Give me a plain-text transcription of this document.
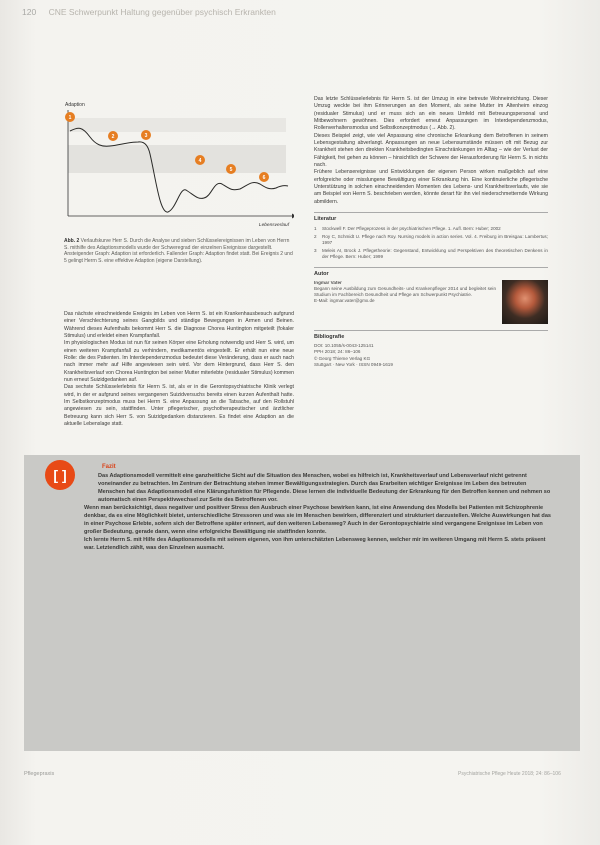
120 CNE Schwerpunkt Haltung gegenüber psychisch Erkrankten
Adaption
Lebensverlauf
1
2	3
4
5
6
Abb. 2 Verlaufskurve Herr S. Durch die Analyse und sieben Schlüsselereignissen im Leben von Herrn S. mithilfe des Adaptionsmodells wurde der Schweregrad der einzelnen Ereignisse dargestellt. Ansteigender Graph: Adaption ist erforderlich. Fallender Graph: Adaption findet statt. Bei Ereignis 2 und 5 gelingt Herrn S. eine effektive Adaption (eigene Darstellung).

Das nächste einschneidende Ereignis im Leben von Herrn S. ist ein Krankenhausbesuch aufgrund einer Verschlechterung seines Gangbilds und ständige Bewegungen in Armen und Beinen. Während dieses Aufenthalts bekommt Herr S. die Diagnose Chorea Huntington mitgeteilt (fokaler Stimulus) und erleidet einen Krampfanfall.

Im physiologischen Modus ist nun für seinen Körper eine Erholung notwendig und Herr S. wird, um einen weiteren Krampfanfall zu verhindern, medikamentös eingestellt. Er erhält nun eine neue Rolle: die des Patienten. Im Interdependenzmodus bedeutet diese Veränderung, dass er auch nach nach immer mehr auf Hilfe angewiesen sein wird. Vor dem Hintergrund, dass Herr S. den Krankheitsverlauf von Chorea Huntington bei seiner Mutter miterlebte (residualer Stimulus) kommen nun erneut Suizidgedanken auf.

Das sechste Schlüsselerlebnis für Herrn S. ist, als er in die Gerontopsychiatrische Klinik verlegt wird, in der er aufgrund seines vergangenen Suizidversuchs bereits einen kurzen Aufenthalt hatte. Im Selbstkonzeptmodus muss bei Herrn S. eine Anpassung an die Tatsache, auf den Rollstuhl angewiesen zu sein, stattfinden. Unter pflegerischer, psychotherapeutischer und ärztlicher Betreuung kann sich Herr S. von Suizidgedanken distanzieren. Es findet eine Adaption an die aktuelle Lebenslage statt.

Das letzte Schlüsselerlebnis für Herrn S. ist der Umzug in eine betreute Wohneinrichtung. Dieser Umzug weckte bei ihm Erinnerungen an den Moment, als seine Mutter im Altenheim einzog (residualer Stimulus) und er muss sich an ein neues Umfeld mit Betreuungspersonal und Mitbewohnern gewöhnen. Dies erfordert erneut Anpassungen im Interdependenzmodus, Rollenverhaltensmodus und Selbstkonzeptmodus (→ Abb. 2).

Dieses Beispiel zeigt, wie viel Anpassung eine chronische Erkrankung dem Betroffenen in seinem Lebensgestaltung abverlangt. Anpassungen an neue Lebensumstände müssen oft mit Bezug zur Krankheit stehen den direkten Krankheitsbedingten Einschränkungen im Alltag – wie der Verlust der Fähigkeit, frei gehen zu können – hinsichtlich der Schwere der Herausforderung für Herrn S. in nichts nach.

Frühere Lebensereignisse und Entwicklungen der eigenen Person wirken maßgeblich auf eine erfolgreiche oder misslungene Bewältigung einer Erkrankung hin. Eine kontinuierliche pflegerische Unterstützung in solchen einschneidenden Momenten des Lebens- und Krankheitsverlaufs, wie sie am Beispiel von Herrn S. beschrieben werden, könnte derart für ihn viel niederschmetternde Wirkung abmildern.

Literatur
1	Stockwell F. Der Pflegeprozess in der psychiatrischen Pflege. 1. Aufl. Bern: Huber; 2002
2	Roy C, Schmidt U. Pflege nach Roy. Nursing models in action series. Vol. 4. Freiburg im Breisgau: Lambertus; 1997
3	Meleis AI, Brock J. Pflegetheorie: Gegenstand, Entwicklung und Perspektiven des theoretischen Denkens in der Pflege. Bern: Huber; 1999
Autor
Ingmar Vater
Begann seine Ausbildung zum Gesundheits- und Krankenpfleger 2014 und begleitet sein Studium im Fachbereich Gesundheit und Pflege am Schwerpunkt Psychiatrie.
E-Mail: ingmar.vater@gmx.de
Bibliografie
DOI: 10.1055/s-0043-125141
PPH 2018; 24: 86–106
© Georg Thieme Verlag KG
Stuttgart · New York · ISSN 0949-1619
[ ]	Fazit

Das Adaptionsmodell vermittelt eine ganzheitliche Sicht auf die Situation des Menschen, wobei es hilfreich ist, Krankheitsverlauf und Lebensverlauf nicht getrennt voneinander zu betrachten. Im Zentrum der Betrachtung stehen immer Bewältigungsstrategien. Durch das Erarbeiten wichtiger Ereignisse im Leben des betreuten Menschen hat das Adaptionsmodell eine Klärungsfunktion für Pflegende. Diese lernen die individuelle Bedeutung der Erkrankung für den Betroffen kennen und nehmen so automatisch einen Perspektivwechsel zur Seite des Betroffenen vor.

Wenn man berücksichtigt, dass negativer und positiver Stress den Ausbruch einer Psychose bewirken kann, ist eine Anwendung des Modells bei Patienten mit Schizophrenie denkbar, da es eine Möglichkeit bietet, unterschiedliche Stressoren und was sie im Menschen bewirken, differenziert und strukturiert darzustellen. Welche Auswirkungen hat das in einer Psychose Erlebte, sofern sich der Betroffene später erinnert, auf den weiteren Lebensweg? Auch in der Gerontopsychiatrie sind vergangene Ereignisse im Leben von großer Bedeutung, gerade dann, wenn eine erfolgreiche Bewältigung nie stattfinden konnte.

Ich lernte Herrn S. mit Hilfe des Adaptionsmodells mit seinem eigenen, von ihm unterschätzten Lebensweg kennen, welcher mir im weiteren Umgang mit Herrn S. stets präsent war. Letztendlich zählt, was den Einzelnen ausmacht.

Pflegepraxis	Psychiatrische Pflege Heute 2018; 24: 86–106
